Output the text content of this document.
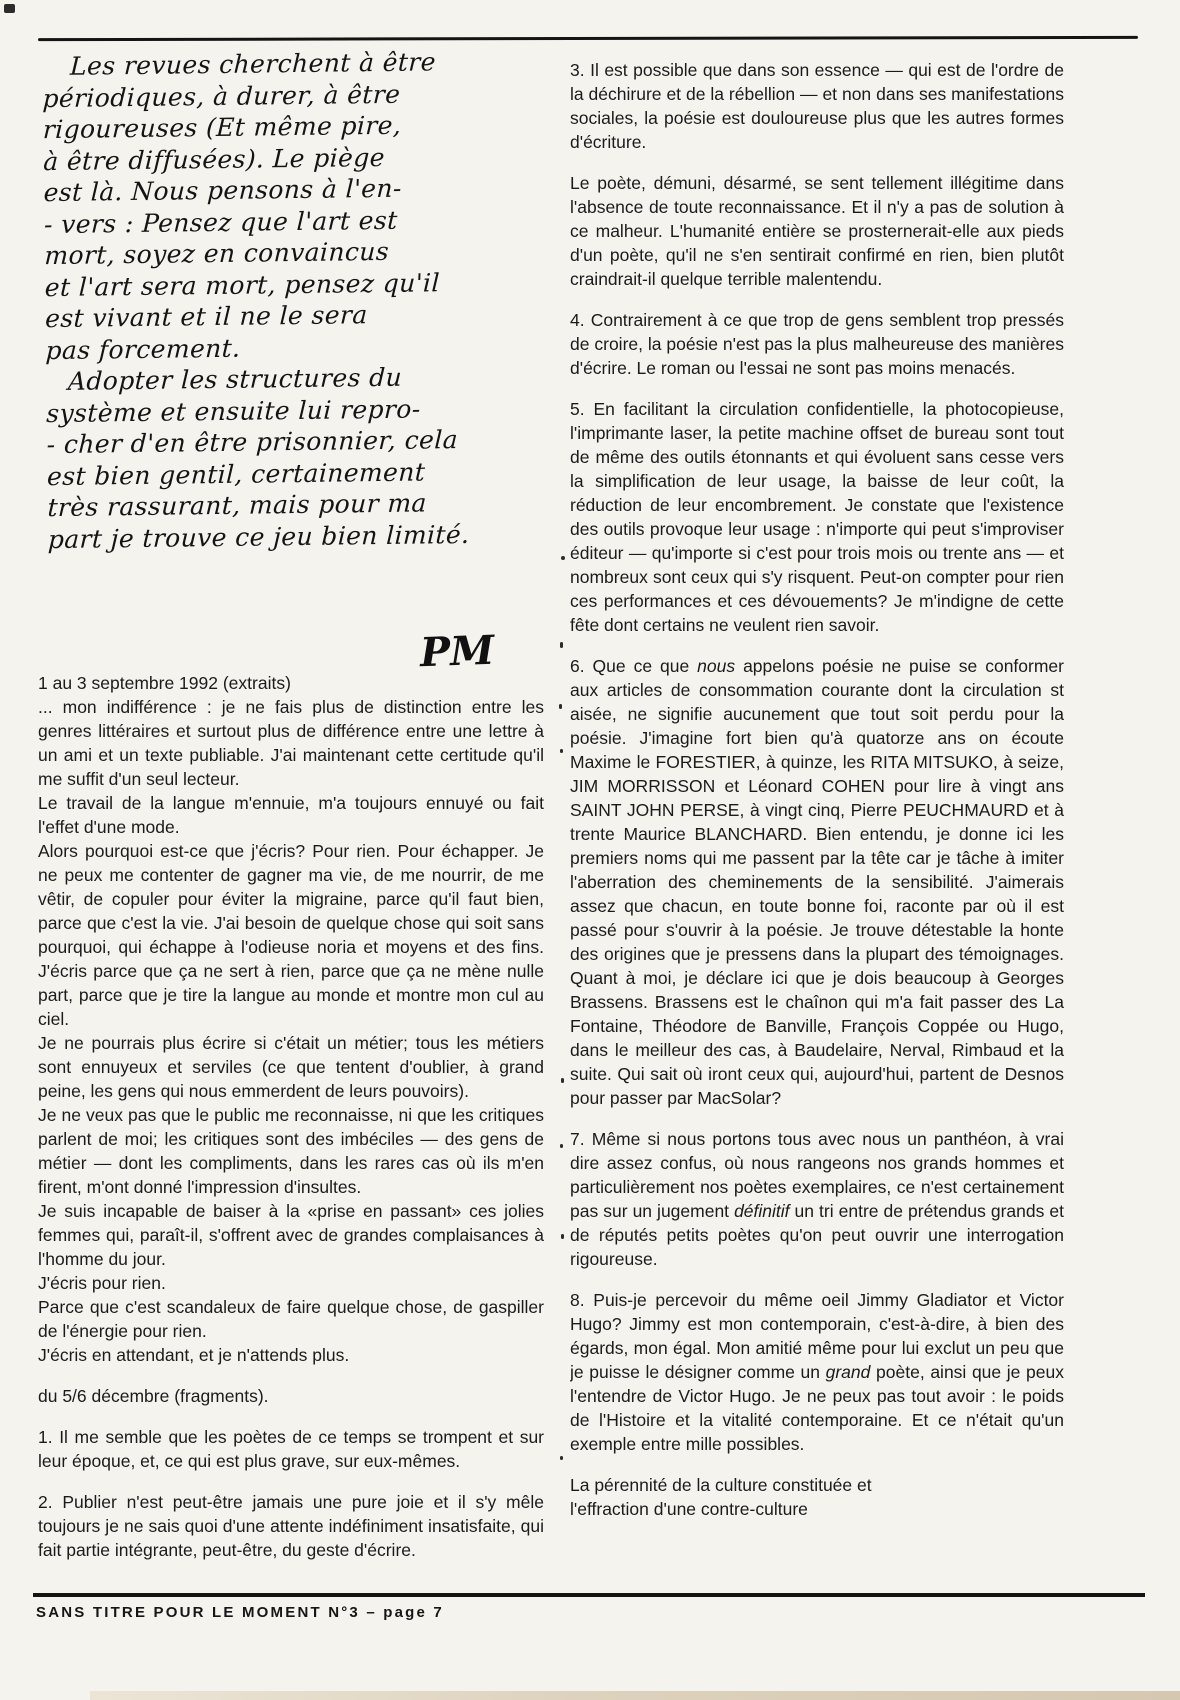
Les revues cherchent à être
périodiques, à durer, à être
rigoureuses (Et même pire,
à être diffusées). Le piège
est là. Nous pensons à l'en-
- vers : Pensez que l'art est
mort, soyez en convaincus
et l'art sera mort, pensez qu'il
est vivant et il ne le sera
pas forcement.
Adopter les structures du
système et ensuite lui repro-
- cher d'en être prisonnier, cela
est bien gentil, certainement
très rassurant, mais pour ma
part je trouve ce jeu bien limité.
PM

1 au 3 septembre 1992 (extraits)

... mon indifférence : je ne fais plus de distinction entre les genres littéraires et surtout plus de différence entre une lettre à un ami et un texte publiable. J'ai maintenant cette certitude qu'il me suffit d'un seul lecteur.

Le travail de la langue m'ennuie, m'a toujours ennuyé ou fait l'effet d'une mode.

Alors pourquoi est-ce que j'écris? Pour rien. Pour échapper. Je ne peux me contenter de gagner ma vie, de me nourrir, de me vêtir, de copuler pour éviter la migraine, parce qu'il faut bien, parce que c'est la vie. J'ai besoin de quelque chose qui soit sans pourquoi, qui échappe à l'odieuse noria et moyens et des fins. J'écris parce que ça ne sert à rien, parce que ça ne mène nulle part, parce que je tire la langue au monde et montre mon cul au ciel.

Je ne pourrais plus écrire si c'était un métier; tous les métiers sont ennuyeux et serviles (ce que tentent d'oublier, à grand peine, les gens qui nous emmerdent de leurs pouvoirs).

Je ne veux pas que le public me reconnaisse, ni que les critiques parlent de moi; les critiques sont des imbéciles — des gens de métier — dont les compliments, dans les rares cas où ils m'en firent, m'ont donné l'impression d'insultes.

Je suis incapable de baiser à la «prise en passant» ces jolies femmes qui, paraît-il, s'offrent avec de grandes complaisances à l'homme du jour.

J'écris pour rien.

Parce que c'est scandaleux de faire quelque chose, de gaspiller de l'énergie pour rien.

J'écris en attendant, et je n'attends plus.

du 5/6 décembre (fragments).

1. Il me semble que les poètes de ce temps se trompent et sur leur époque, et, ce qui est plus grave, sur eux-mêmes.

2. Publier n'est peut-être jamais une pure joie et il s'y mêle toujours je ne sais quoi d'une attente indéfiniment insatisfaite, qui fait partie intégrante, peut-être, du geste d'écrire.

3. Il est possible que dans son essence — qui est de l'ordre de la déchirure et de la rébellion — et non dans ses manifestations sociales, la poésie est douloureuse plus que les autres formes d'écriture.

Le poète, démuni, désarmé, se sent tellement illégitime dans l'absence de toute reconnaissance. Et il n'y a pas de solution à ce malheur. L'humanité entière se prosternerait-elle aux pieds d'un poète, qu'il ne s'en sentirait confirmé en rien, bien plutôt craindrait-il quelque terrible malentendu.

4. Contrairement à ce que trop de gens semblent trop pressés de croire, la poésie n'est pas la plus malheureuse des manières d'écrire. Le roman ou l'essai ne sont pas moins menacés.

5. En facilitant la circulation confidentielle, la photocopieuse, l'imprimante laser, la petite machine offset de bureau sont tout de même des outils étonnants et qui évoluent sans cesse vers la simplification de leur usage, la baisse de leur coût, la réduction de leur encombrement. Je constate que l'existence des outils provoque leur usage : n'importe qui peut s'improviser éditeur — qu'importe si c'est pour trois mois ou trente ans — et nombreux sont ceux qui s'y risquent. Peut-on compter pour rien ces performances et ces dévouements? Je m'indigne de cette fête dont certains ne veulent rien savoir.

6. Que ce que nous appelons poésie ne puise se conformer aux articles de consommation courante dont la circulation st aisée, ne signifie aucunement que tout soit perdu pour la poésie. J'imagine fort bien qu'à quatorze ans on écoute Maxime le FORESTIER, à quinze, les RITA MITSUKO, à seize, JIM MORRISSON et Léonard COHEN pour lire à vingt ans SAINT JOHN PERSE, à vingt cinq, Pierre PEUCHMAURD et à trente Maurice BLANCHARD. Bien entendu, je donne ici les premiers noms qui me passent par la tête car je tâche à imiter l'aberration des cheminements de la sensibilité. J'aimerais assez que chacun, en toute bonne foi, raconte par où il est passé pour s'ouvrir à la poésie. Je trouve détestable la honte des origines que je pressens dans la plupart des témoignages. Quant à moi, je déclare ici que je dois beaucoup à Georges Brassens. Brassens est le chaînon qui m'a fait passer des La Fontaine, Théodore de Banville, François Coppée ou Hugo, dans le meilleur des cas, à Baudelaire, Nerval, Rimbaud et la suite. Qui sait où iront ceux qui, aujourd'hui, partent de Desnos pour passer par MacSolar?

7. Même si nous portons tous avec nous un panthéon, à vrai dire assez confus, où nous rangeons nos grands hommes et particulièrement nos poètes exemplaires, ce n'est certainement pas sur un jugement définitif un tri entre de prétendus grands et de réputés petits poètes qu'on peut ouvrir une interrogation rigoureuse.

8. Puis-je percevoir du même oeil Jimmy Gladiator et Victor Hugo? Jimmy est mon contemporain, c'est-à-dire, à bien des égards, mon égal. Mon amitié même pour lui exclut un peu que je puisse le désigner comme un grand poète, ainsi que je peux l'entendre de Victor Hugo. Je ne peux pas tout avoir : le poids de l'Histoire et la vitalité contemporaine. Et ce n'était qu'un exemple entre mille possibles.

La pérennité de la culture constituée et

l'effraction d'une contre-culture

SANS TITRE POUR LE MOMENT N°3 – page 7
